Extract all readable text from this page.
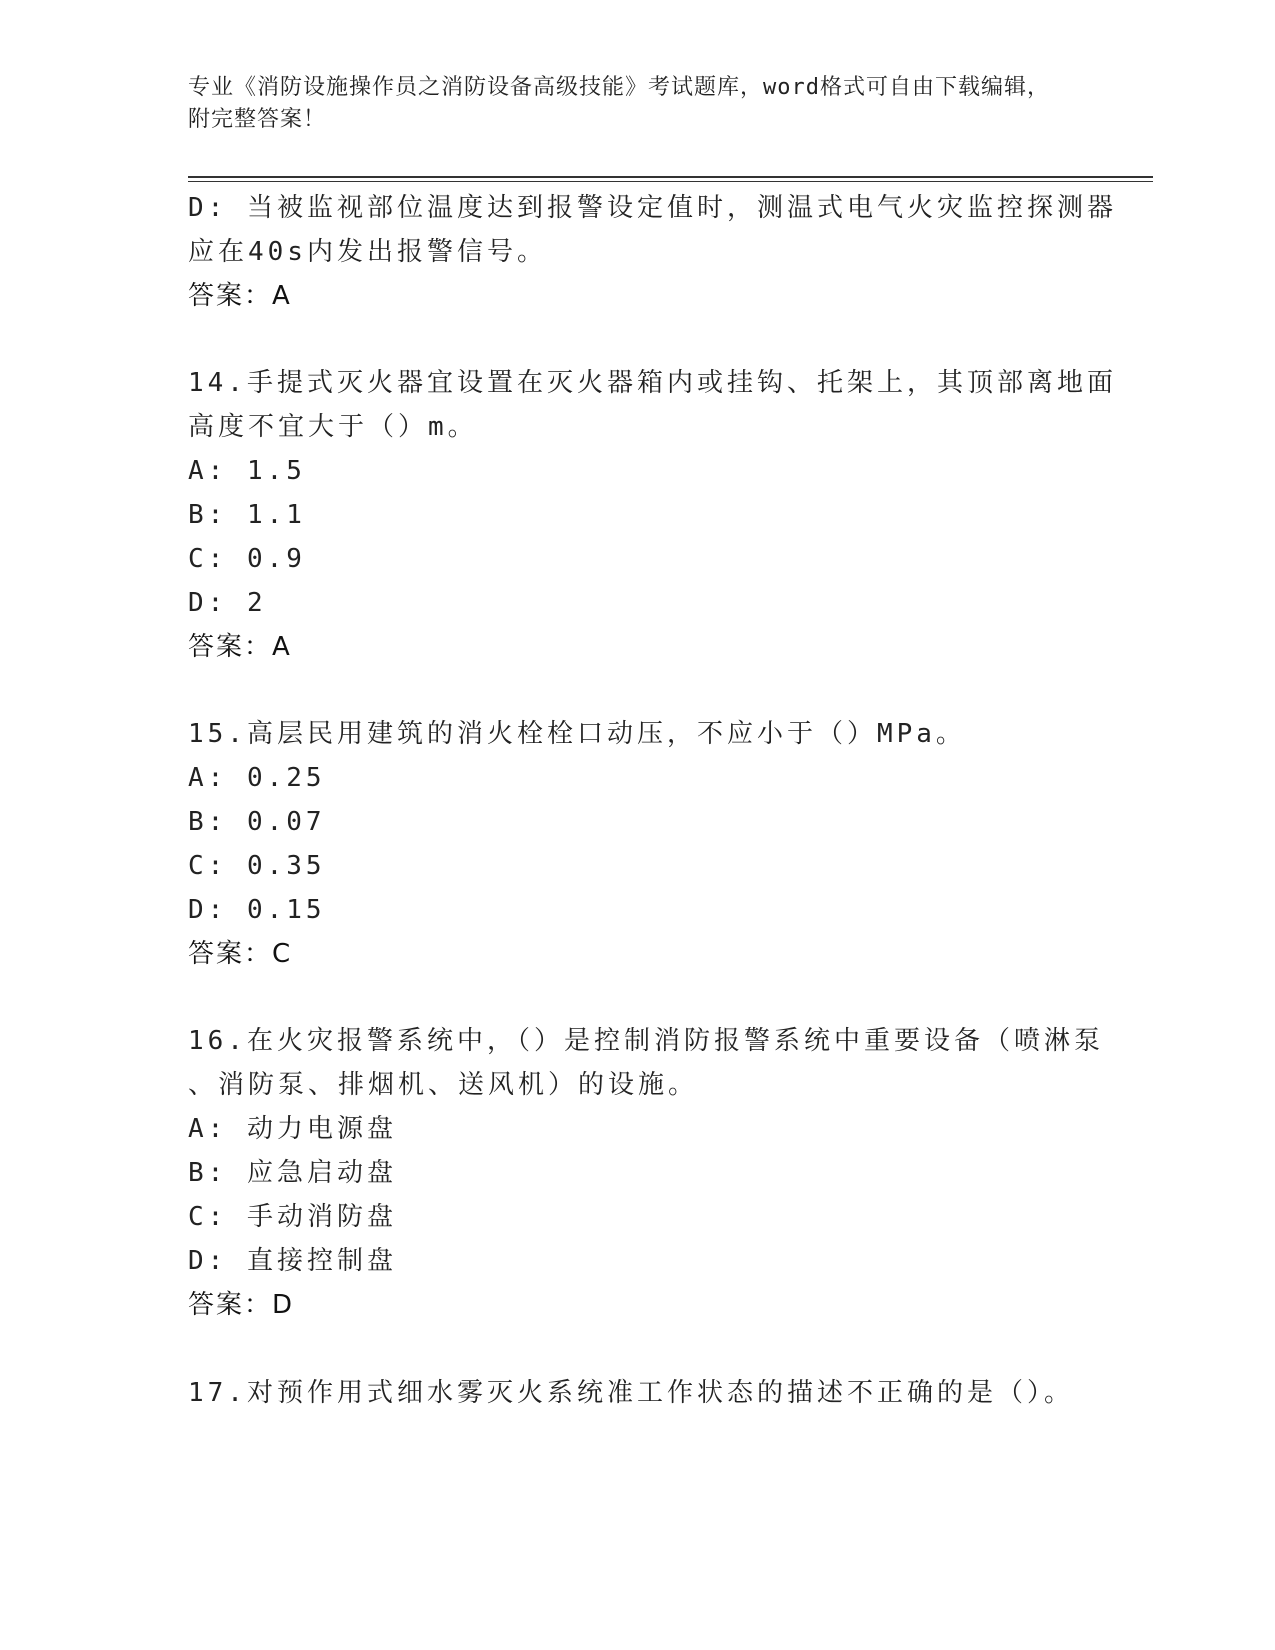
专业《消防设施操作员之消防设备高级技能》考试题库，word格式可自由下载编辑，附完整答案！
D: 当被监视部位温度达到报警设定值时，测温式电气火灾监控探测器
应在40s内发出报警信号。
答案：A
14.手提式灭火器宜设置在灭火器箱内或挂钩、托架上，其顶部离地面
高度不宜大于（）m。
A: 1.5
B: 1.1
C: 0.9
D: 2
答案：A
15.高层民用建筑的消火栓栓口动压，不应小于（）MPa。
A: 0.25
B: 0.07
C: 0.35
D: 0.15
答案：C
16.在火灾报警系统中，（）是控制消防报警系统中重要设备（喷淋泵
、消防泵、排烟机、送风机）的设施。
A: 动力电源盘
B: 应急启动盘
C: 手动消防盘
D: 直接控制盘
答案：D
17.对预作用式细水雾灭火系统准工作状态的描述不正确的是（）。
